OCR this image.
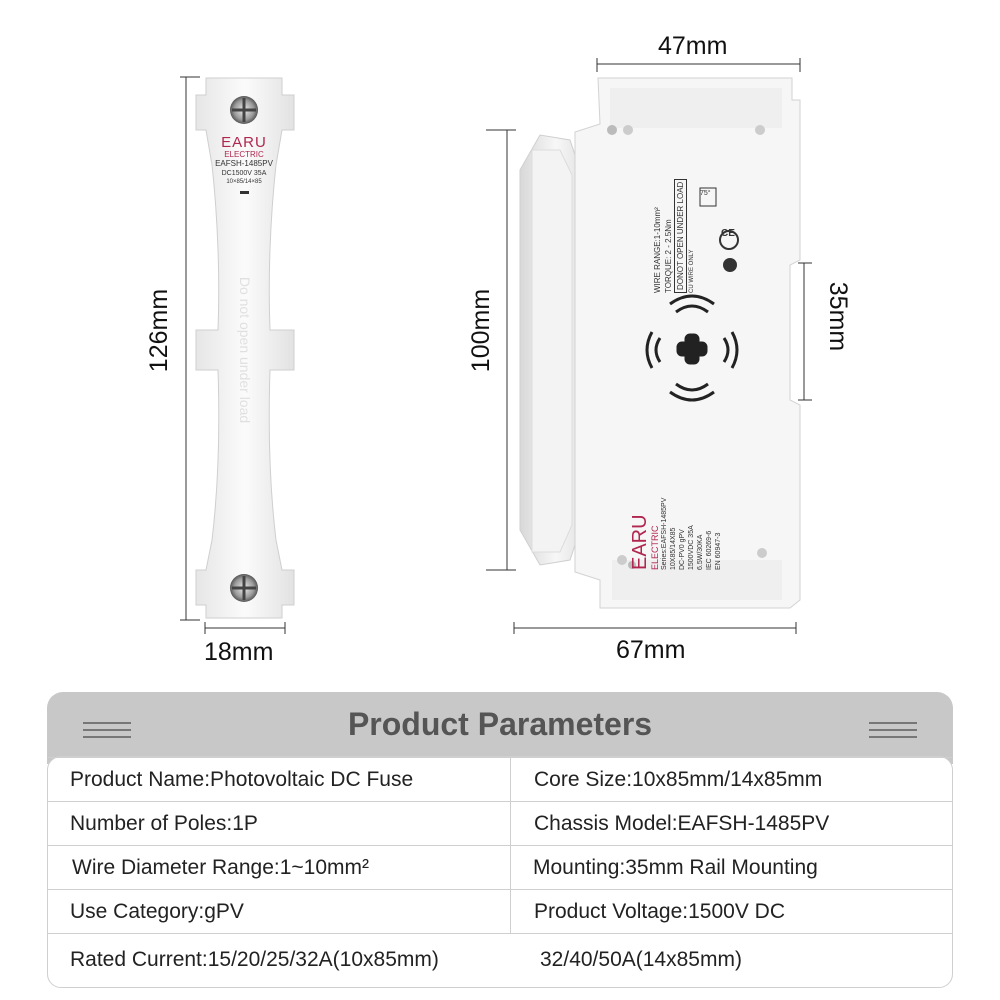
47mm
126mm
18mm
100mm	35mm
67mm
EARU
ELECTRIC
EAFSH-1485PV
DC1500V 35A
10×85/14×85
Do not open under load
EARU ELECTRIC Series:EAFSH-1485PV 10X85/14X85 DC-PV0 gPV 1500VDC 35A 6.5W/30KA IEC 60269-6 EN 60947-3
WIRE RANGE:1-10mm² TORQUE: 2 - 2.5Nm DONOT OPEN UNDER LOAD CU WIRE ONLY
75°
CE
Product Parameters
Product Name:Photovoltaic DC Fuse	Core Size:10x85mm/14x85mm
Number of Poles:1P	Chassis Model:EAFSH-1485PV
Wire Diameter Range:1~10mm²	Mounting:35mm Rail Mounting
Use Category:gPV	Product Voltage:1500V DC
Rated Current:15/20/25/32A(10x85mm)	32/40/50A(14x85mm)
